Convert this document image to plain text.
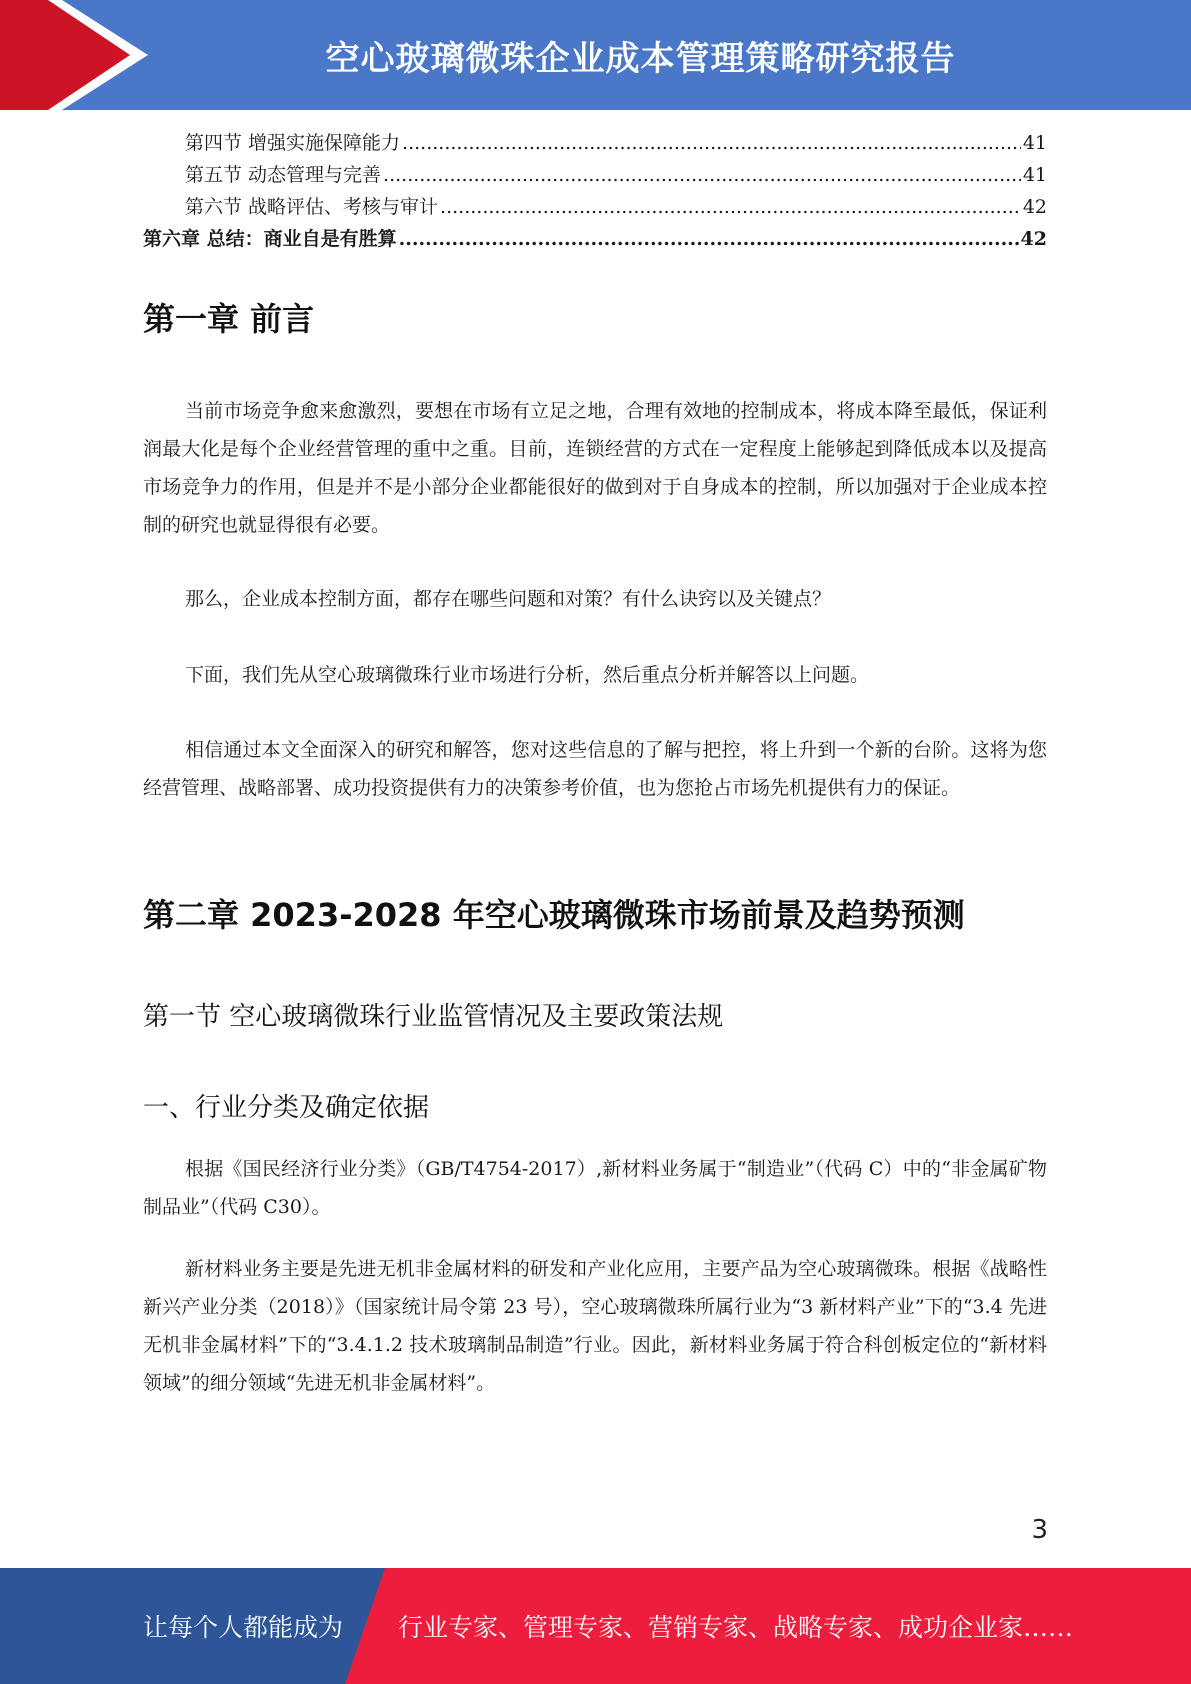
空心玻璃微珠企业成本管理策略研究报告
第四节 增强实施保障能力 .....	41
第五节 动态管理与完善 .....	41
第六节 战略评估、考核与审计 .....	42
第六章 总结：商业自是有胜算 .....	42
第一章 前言

当前市场竞争愈来愈激烈，要想在市场有立足之地，合理有效地的控制成本，将成本降至最低，保证利润最大化是每个企业经营管理的重中之重。目前，连锁经营的方式在一定程度上能够起到降低成本以及提高市场竞争力的作用，但是并不是小部分企业都能很好的做到对于自身成本的控制，所以加强对于企业成本控制的研究也就显得很有必要。

那么，企业成本控制方面，都存在哪些问题和对策？有什么诀窍以及关键点？

下面，我们先从空心玻璃微珠行业市场进行分析，然后重点分析并解答以上问题。

相信通过本文全面深入的研究和解答，您对这些信息的了解与把控，将上升到一个新的台阶。这将为您经营管理、战略部署、成功投资提供有力的决策参考价值，也为您抢占市场先机提供有力的保证。

第二章 2023-2028 年空心玻璃微珠市场前景及趋势预测
第一节 空心玻璃微珠行业监管情况及主要政策法规
一、行业分类及确定依据

根据《国民经济行业分类》（GB/T4754-2017）,新材料业务属于“制造业”（代码 C）中的“非金属矿物制品业”（代码 C30）。

新材料业务主要是先进无机非金属材料的研发和产业化应用，主要产品为空心玻璃微珠。根据《战略性新兴产业分类（2018）》（国家统计局令第 23 号），空心玻璃微珠所属行业为“3 新材料产业”下的“3.4 先进无机非金属材料”下的“3.4.1.2 技术玻璃制品制造”行业。因此，新材料业务属于符合科创板定位的“新材料领域”的细分领域“先进无机非金属材料”。

3
让每个人都能成为 行业专家、管理专家、营销专家、战略专家、成功企业家……
